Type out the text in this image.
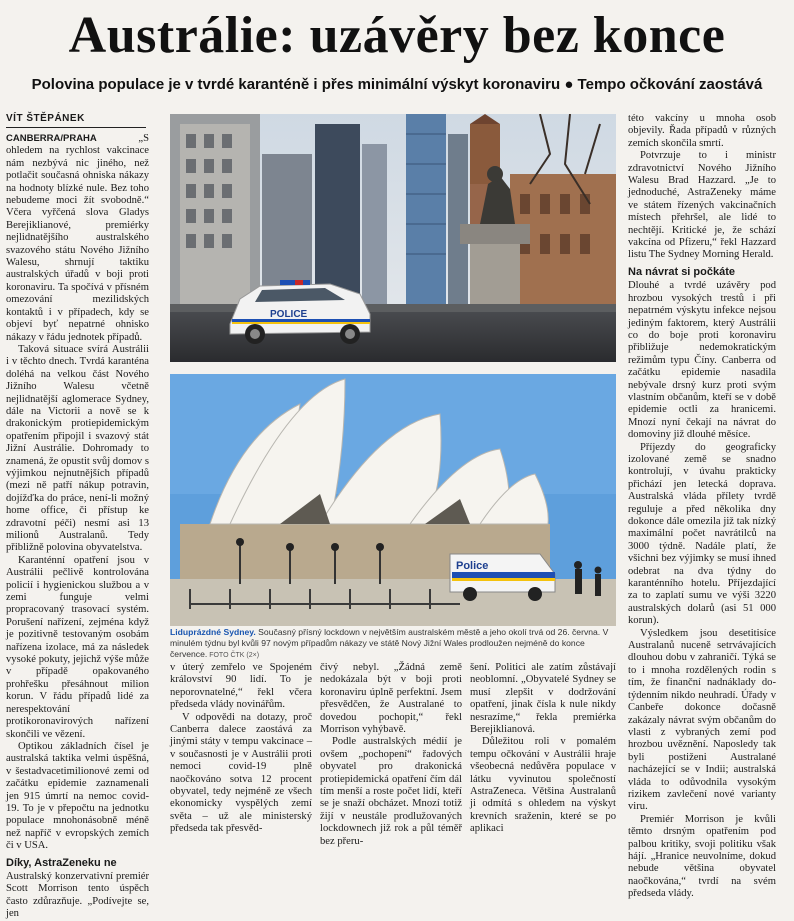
Austrálie: uzávěry bez konce
Polovina populace je v tvrdé karanténě i přes minimální výskyt koronaviru ● Tempo očkování zaostává
VÍT ŠTĚPÁNEK

CANBERRA/PRAHA „S ohledem na rychlost vakcinace nám nezbývá nic jiného, než potlačit současná ohniska nákazy na hodnoty blízké nule. Bez toho nebudeme moci žít svobodně.“ Včera vyřčená slova Gladys Berejiklianové, premiérky nejlidnatějšího australského svazového státu Nového Jižního Walesu, shrnují taktiku australských úřadů v boji proti koronaviru. Ta spočívá v přísném omezování mezilidských kontaktů i v případech, kdy se objeví byť nepatrné ohnisko nákazy v řádu jednotek případů.

Taková situace svírá Austrálii i v těchto dnech. Tvrdá karanténa doléhá na velkou část Nového Jižního Walesu včetně nejlidnatější aglomerace Sydney, dále na Victorii a nově se k drakonickým protiepidemickým opatřením připojil i svazový stát Jižní Austrálie. Dohromady to znamená, že opustit svůj domov s výjimkou nejnutnějších případů (mezi ně patří nákup potravin, dojížďka do práce, není-li možný home office, či přístup ke zdravotní péči) nesmí asi 13 milionů Australanů. Tedy přibližně polovina obyvatelstva.

Karanténní opatření jsou v Austrálii pečlivě kontrolována policií i hygienickou službou a v zemi funguje velmi propracovaný trasovací systém. Porušení nařízení, zejména když je pozitivně testovaným osobám nařízena izolace, má za následek vysoké pokuty, jejichž výše může v případě opakovaného prohřešku přesáhnout milion korun. V řádu případů lidé za nerespektování protikoronavirových nařízení skončili ve vězení.

Optikou základních čísel je australská taktika velmi úspěšná, v šestadvacetimilionové zemi od začátku epidemie zaznamenali jen 915 úmrtí na nemoc covid-19. To je v přepočtu na jednotku populace mnohonásobně méně než napříč v evropských zemích či v USA.

Díky, AstraZeneku ne

Australský konzervativní premiér Scott Morrison tento úspěch často zdůrazňuje. „Podívejte se, jen

POLICE
Police
Liduprázdné Sydney. Současný přísný lockdown v největším australském městě a jeho okolí trvá od 26. června. V minulém týdnu byl kvůli 97 novým případům nákazy ve státě Nový Jižní Wales prodloužen nejméně do konce července. FOTO ČTK (2×)

v úterý zemřelo ve Spojeném království 90 lidí. To je neporovnatelné,“ řekl včera předseda vlády novinářům.

V odpovědi na dotazy, proč Canberra dalece zaostává za jinými státy v tempu vakcinace – v současnosti je v Austrálii proti nemoci covid-19 plně naočkováno sotva 12 procent obyvatel, tedy nejméně ze všech ekonomicky vyspělých zemí světa – už ale ministerský předseda tak přesvěd-

čivý nebyl. „Žádná země nedokázala být v boji proti koronaviru úplně perfektní. Jsem přesvědčen, že Australané to dovedou pochopit,“ řekl Morrison vyhýbavě.

Podle australských médií je ovšem „pochopení“ řadových obyvatel pro drakonická protiepidemická opatření čím dál tím menší a roste počet lidí, kteří se je snaží obcházet. Mnozí totiž žijí v neustále prodlužovaných lockdownech již rok a půl téměř bez přeru-

šení. Politici ale zatím zůstávají neoblomní. „Obyvatelé Sydney se musí zlepšit v dodržování opatření, jinak čísla k nule nikdy nesrazíme,“ řekla premiérka Berejiklianová.

Důležitou roli v pomalém tempu očkování v Austrálii hraje všeobecná nedůvěra populace v látku vyvinutou společností AstraZeneca. Většina Australanů ji odmítá s ohledem na výskyt krevních sraženin, které se po aplikaci

této vakcíny u mnoha osob objevily. Řada případů v různých zemích skončila smrtí.

Potvrzuje to i ministr zdravotnictví Nového Jižního Walesu Brad Hazzard. „Je to jednoduché, AstraZeneky máme ve státem řízených vakcinačních místech přehršel, ale lidé to nechtějí. Kritické je, že schází vakcína od Pfizeru,“ řekl Hazzard listu The Sydney Morning Herald.

Na návrat si počkáte

Dlouhé a tvrdé uzávěry pod hrozbou vysokých trestů i při nepatrném výskytu infekce nejsou jediným faktorem, který Austrálii co do boje proti koronaviru přibližuje nedemokratickým režimům typu Číny. Canberra od začátku epidemie nasadila nebývale drsný kurz proti svým vlastním občanům, kteří se v době epidemie octli za hranicemi. Mnozí nyní čekají na návrat do domoviny již dlouhé měsíce.

Příjezdy do geograficky izolované země se snadno kontrolují, v úvahu prakticky přichází jen letecká doprava. Australská vláda přílety tvrdě reguluje a před několika dny dokonce dále omezila již tak nízký maximální počet navrátilců na 3000 týdně. Nadále platí, že všichni bez výjimky se musí ihned odebrat na dva týdny do karanténního hotelu. Příjezdající za to zaplatí sumu ve výši 3220 australských dolarů (asi 51 000 korun).

Výsledkem jsou desetitisíce Australanů nuceně setrvávajících dlouhou dobu v zahraničí. Týká se to i mnoha rozdělených rodin s tím, že finanční nadnáklady do-týdenním nikdo neuhradí. Úřady v Canbeře dokonce dočasně zakázaly návrat svým občanům do vlasti z vybraných zemí pod hrozbou uvěznění. Naposledy tak byli postiženi Australané nacházející se v Indii; australská vláda to odůvodnila vysokým rizikem zavlečení nové varianty viru.

Premiér Morrison je kvůli těmto drsným opatřením pod palbou kritiky, svoji politiku však hájí. „Hranice neuvolníme, dokud nebude většina obyvatel naočkována,“ tvrdí na svém předseda vlády.
